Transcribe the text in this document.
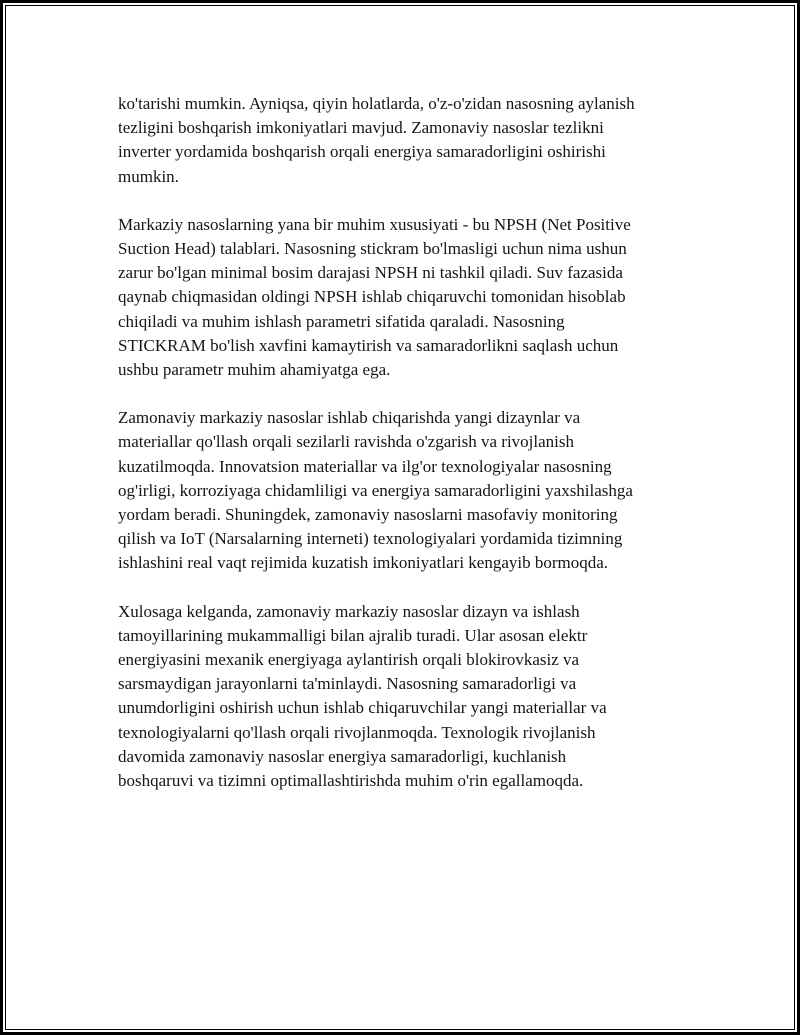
ko'tarishi mumkin. Ayniqsa, qiyin holatlarda, o'z-o'zidan nasosning aylanish
tezligini boshqarish imkoniyatlari mavjud. Zamonaviy nasoslar tezlikni
inverter yordamida boshqarish orqali energiya samaradorligini oshirishi
mumkin.
Markaziy nasoslarning yana bir muhim xususiyati - bu NPSH (Net Positive
Suction Head) talablari. Nasosning stickram bo'lmasligi uchun nima ushun
zarur bo'lgan minimal bosim darajasi NPSH ni tashkil qiladi. Suv fazasida
qaynab chiqmasidan oldingi NPSH ishlab chiqaruvchi tomonidan hisoblab
chiqiladi va muhim ishlash parametri sifatida qaraladi. Nasosning
STICKRAM bo'lish xavfini kamaytirish va samaradorlikni saqlash uchun
ushbu parametr muhim ahamiyatga ega.
Zamonaviy markaziy nasoslar ishlab chiqarishda yangi dizaynlar va
materiallar qo'llash orqali sezilarli ravishda o'zgarish va rivojlanish
kuzatilmoqda. Innovatsion materiallar va ilg'or texnologiyalar nasosning
og'irligi, korroziyaga chidamliligi va energiya samaradorligini yaxshilashga
yordam beradi. Shuningdek, zamonaviy nasoslarni masofaviy monitoring
qilish va IoT (Narsalarning interneti) texnologiyalari yordamida tizimning
ishlashini real vaqt rejimida kuzatish imkoniyatlari kengayib bormoqda.
Xulosaga kelganda, zamonaviy markaziy nasoslar dizayn va ishlash
tamoyillarining mukammalligi bilan ajralib turadi. Ular asosan elektr
energiyasini mexanik energiyaga aylantirish orqali blokirovkasiz va
sarsmaydigan jarayonlarni ta'minlaydi. Nasosning samaradorligi va
unumdorligini oshirish uchun ishlab chiqaruvchilar yangi materiallar va
texnologiyalarni qo'llash orqali rivojlanmoqda. Texnologik rivojlanish
davomida zamonaviy nasoslar energiya samaradorligi, kuchlanish
boshqaruvi va tizimni optimallashtirishda muhim o'rin egallamoqda.
